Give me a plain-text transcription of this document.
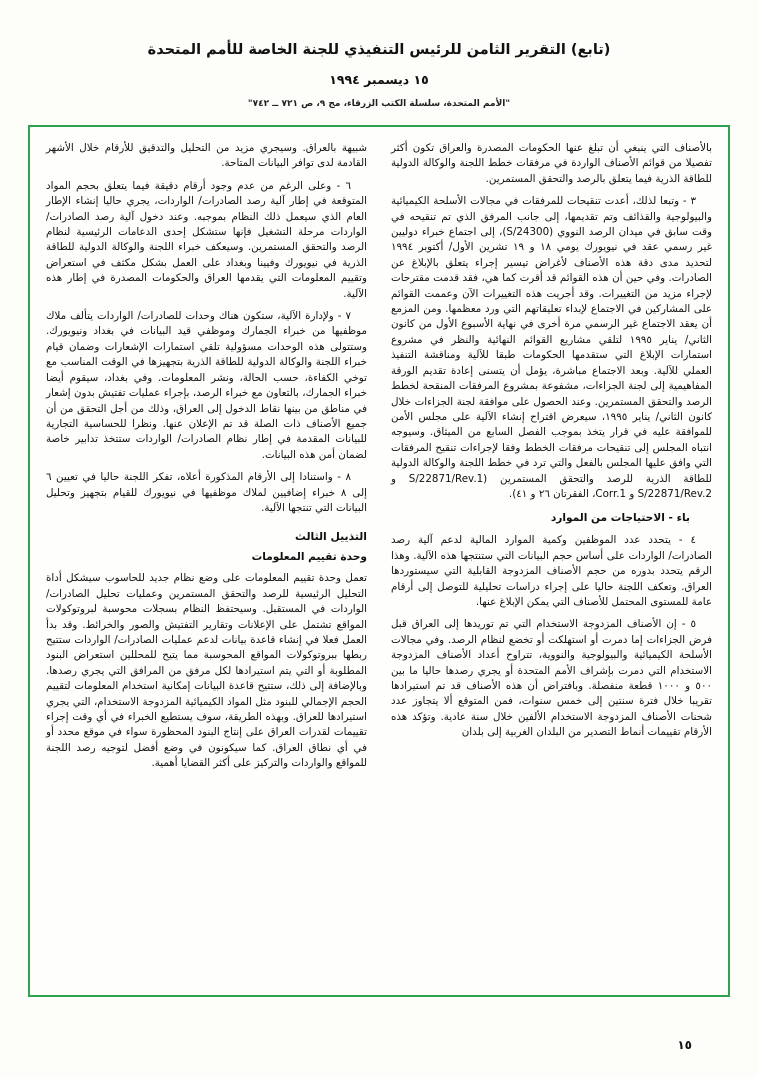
(تابع) التقرير الثامن للرئيس التنفيذي للجنة الخاصة للأمم المتحدة
١٥ ديسمبر ١٩٩٤
"الأمم المتحدة، سلسلة الكتب الزرقاء، مج ٩، ص ٧٢١ ــ ٧٤٢"

بالأصناف التي ينبغي أن تبلغ عنها الحكومات المصدرة والعراق تكون أكثر تفصيلا من قوائم الأصناف الواردة في مرفقات خطط اللجنة والوكالة الدولية للطاقة الذرية فيما يتعلق بالرصد والتحقق المستمرين.

٣ - وتبعا لذلك، أعدت تنقيحات للمرفقات في مجالات الأسلحة الكيميائية والبيولوجية والقذائف وتم تقديمها، إلى جانب المرفق الذي تم تنقيحه في وقت سابق في ميدان الرصد النووي (S/24300)، إلى اجتماع خبراء دوليين غير رسمي عقد في نيويورك يومي ١٨ و ١٩ تشرين الأول/ أكتوبر ١٩٩٤ لتحديد مدى دقة هذه الأصناف لأغراض تيسير إجراء يتعلق بالإبلاغ عن الصادرات. وفي حين أن هذه القوائم قد أقرت كما هي، فقد قدمت مقترحات لإجراء مزيد من التغييرات. وقد أجريت هذه التغييرات الآن وعممت القوائم على المشاركين في الاجتماع لإبداء تعليقاتهم التي ورد معظمها. ومن المزمع أن يعقد الاجتماع غير الرسمي مرة أخرى في نهاية الأسبوع الأول من كانون الثاني/ يناير ١٩٩٥ لتلقي مشاريع القوائم النهائية والنظر في مشروع استمارات الإبلاغ التي ستقدمها الحكومات طبقا للآلية ومناقشة التنفيذ العملي للآلية. وبعد الاجتماع مباشرة، يؤمل أن يتسنى إعادة تقديم الورقة المفاهيمية إلى لجنة الجزاءات، مشفوعة بمشروع المرفقات المنقحة لخطط الرصد والتحقق المستمرين. وعند الحصول على موافقة لجنة الجزاءات خلال كانون الثاني/ يناير ١٩٩٥، سيعرض اقتراح إنشاء الآلية على مجلس الأمن للموافقة عليه في قرار يتخذ بموجب الفصل السابع من الميثاق. وسيوجه انتباه المجلس إلى تنقيحات مرفقات الخطط وفقا لإجراءات تنقيح المرفقات التي وافق عليها المجلس بالفعل والتي ترد في خطط اللجنة والوكالة الدولية للطاقة الذرية للرصد والتحقق المستمرين (S/22871/Rev.1 و S/22871/Rev.2 و Corr.1، الفقرتان ٢٦ و ٤١).

باء - الاحتياجات من الموارد

٤ - يتحدد عدد الموظفين وكمية الموارد المالية لدعم آلية رصد الصادرات/ الواردات على أساس حجم البيانات التي ستنتجها هذه الآلية. وهذا الرقم يتحدد بدوره من حجم الأصناف المزدوجة القابلية التي سيستوردها العراق. وتعكف اللجنة حاليا على إجراء دراسات تحليلية للتوصل إلى أرقام عامة للمستوى المحتمل للأصناف التي يمكن الإبلاغ عنها.

٥ - إن الأصناف المزدوجة الاستخدام التي تم توريدها إلى العراق قبل فرض الجزاءات إما دمرت أو استهلكت أو تخضع لنظام الرصد. وفي مجالات الأسلحة الكيميائية والبيولوجية والنووية، تتراوح أعداد الأصناف المزدوجة الاستخدام التي دمرت بإشراف الأمم المتحدة أو يجري رصدها حاليا ما بين ٥٠٠ و ١٠٠٠ قطعة منفصلة. وبافتراض أن هذه الأصناف قد تم استيرادها تقريبا خلال فترة سنتين إلى خمس سنوات، فمن المتوقع ألا يتجاوز عدد شحنات الأصناف المزدوجة الاستخدام الألفين خلال سنة عادية. وتؤكد هذه الأرقام تقييمات أنماط التصدير من البلدان الغربية إلى بلدان

شبيهة بالعراق. وسيجري مزيد من التحليل والتدقيق للأرقام خلال الأشهر القادمة لدى توافر البيانات المتاحة.

٦ - وعلى الرغم من عدم وجود أرقام دقيقة فيما يتعلق بحجم المواد المتوقعة في إطار آلية رصد الصادرات/ الواردات، يجري حاليا إنشاء الإطار العام الذي سيعمل ذلك النظام بموجبه. وعند دخول آلية رصد الصادرات/ الواردات مرحلة التشغيل فإنها ستشكل إحدى الدعامات الرئيسية لنظام الرصد والتحقق المستمرين. وسيعكف خبراء اللجنة والوكالة الدولية للطاقة الذرية في نيويورك وفيينا وبغداد على العمل بشكل مكثف في استعراض وتقييم المعلومات التي يقدمها العراق والحكومات المصدرة في إطار هذه الآلية.

٧ - ولإدارة الآلية، ستكون هناك وحدات للصادرات/ الواردات يتألف ملاك موظفيها من خبراء الجمارك وموظفي قيد البيانات في بغداد ونيويورك. وستتولى هذه الوحدات مسؤولية تلقي استمارات الإشعارات وضمان قيام خبراء اللجنة والوكالة الدولية للطاقة الذرية بتجهيزها في الوقت المناسب مع توخي الكفاءة، حسب الحالة، ونشر المعلومات. وفي بغداد، سيقوم أيضا خبراء الجمارك، بالتعاون مع خبراء الرصد، بإجراء عمليات تفتيش بدون إشعار في مناطق من بينها نقاط الدخول إلى العراق، وذلك من أجل التحقق من أن جميع الأصناف ذات الصلة قد تم الإعلان عنها. ونظرا للحساسية التجارية للبيانات المقدمة في إطار نظام الصادرات/ الواردات ستتخذ تدابير خاصة لضمان أمن هذه البيانات.

٨ - واستنادا إلى الأرقام المذكورة أعلاه، تفكر اللجنة حاليا في تعيين ٦ إلى ٨ خبراء إضافيين لملاك موظفيها في نيويورك للقيام بتجهيز وتحليل البيانات التي تنتجها الآلية.

التذييل الثالث
وحدة تقييم المعلومات

تعمل وحدة تقييم المعلومات على وضع نظام جديد للحاسوب سيشكل أداة التحليل الرئيسية للرصد والتحقق المستمرين وعمليات تحليل الصادرات/ الواردات في المستقبل. وسيحتفظ النظام بسجلات محوسبة لبروتوكولات المواقع تشتمل على الإعلانات وتقارير التفتيش والصور والخرائط. وقد بدأ العمل فعلا في إنشاء قاعدة بيانات لدعم عمليات الصادرات/ الواردات ستتيح ربطها ببروتوكولات المواقع المحوسبة مما يتيح للمحللين استعراض البنود المطلوبة أو التي يتم استيرادها لكل مرفق من المرافق التي يجري رصدها. وبالإضافة إلى ذلك، ستتيح قاعدة البيانات إمكانية استخدام المعلومات لتقييم الحجم الإجمالي للبنود مثل المواد الكيميائية المزدوجة الاستخدام، التي يجري استيرادها للعراق. وبهذه الطريقة، سوف يستطيع الخبراء في أي وقت إجراء تقييمات لقدرات العراق على إنتاج البنود المحظورة سواء في موقع محدد أو في أي نطاق العراق. كما سيكونون في وضع أفضل لتوجيه رصد اللجنة للمواقع والواردات والتركيز على أكثر القضايا أهمية.

١٥
